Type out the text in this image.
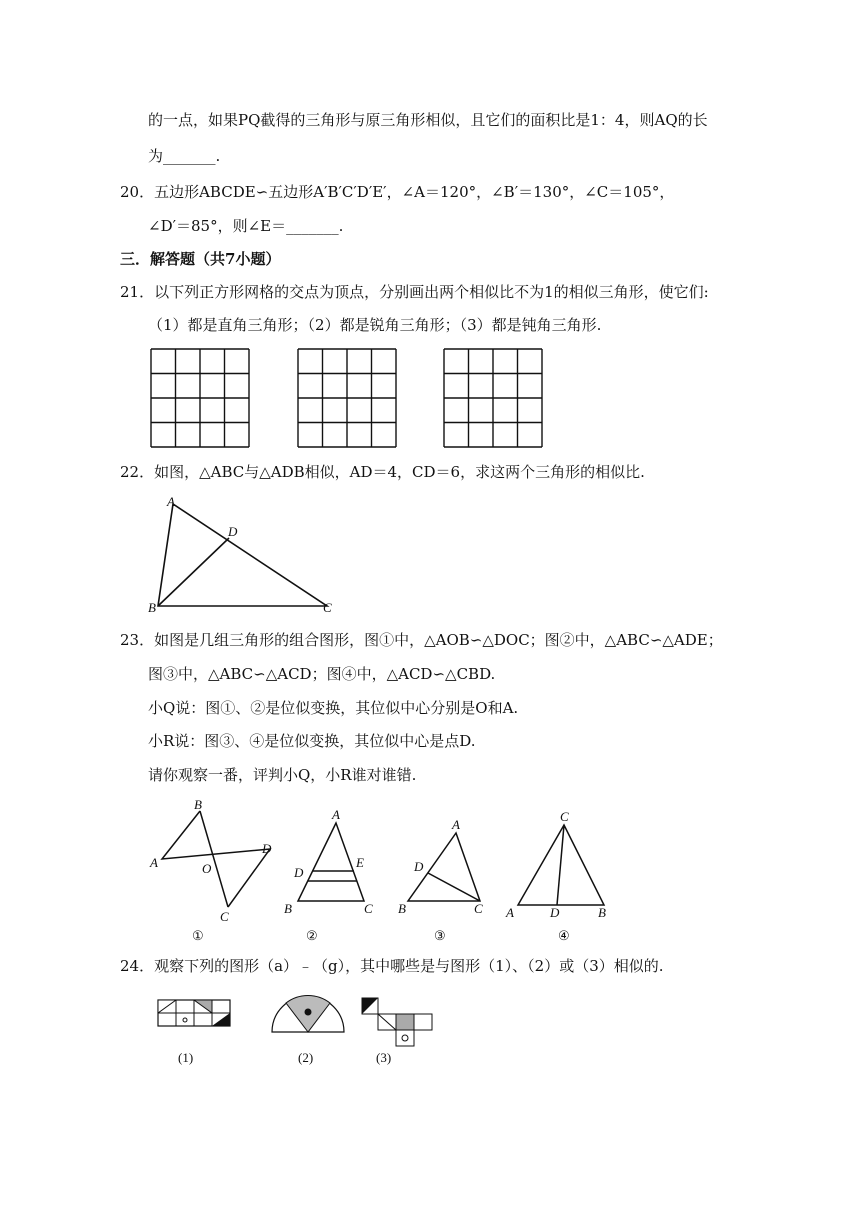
的一点，如果PQ截得的三角形与原三角形相似，且它们的面积比是1：4，则AQ的长
为_______.
20．五边形ABCDE∽五边形A′B′C′D′E′，∠A＝120°，∠B′＝130°，∠C＝105°，
∠D′＝85°，则∠E＝_______.
三．解答题（共7小题）
21．以下列正方形网格的交点为顶点，分别画出两个相似比不为1的相似三角形，使它们:
（1）都是直角三角形；（2）都是锐角三角形；（3）都是钝角三角形.
22．如图，△ABC与△ADB相似，AD＝4，CD＝6，求这两个三角形的相似比.
A
B	C
D
23．如图是几组三角形的组合图形，图①中，△AOB∽△DOC；图②中，△ABC∽△ADE；
图③中，△ABC∽△ACD；图④中，△ACD∽△CBD.
小Q说：图①、②是位似变换，其位似中心分别是O和A.
小R说：图③、④是位似变换，其位似中心是点D.
请你观察一番，评判小Q，小R谁对谁错.
B
A	O
D
C
①
A
D
E
B	C
②
A
D
B	C
③
C
A	D	B
④
24．观察下列的图形（a）﹣（g），其中哪些是与图形（1）、（2）或（3）相似的.
(1)	(2)	(3)
